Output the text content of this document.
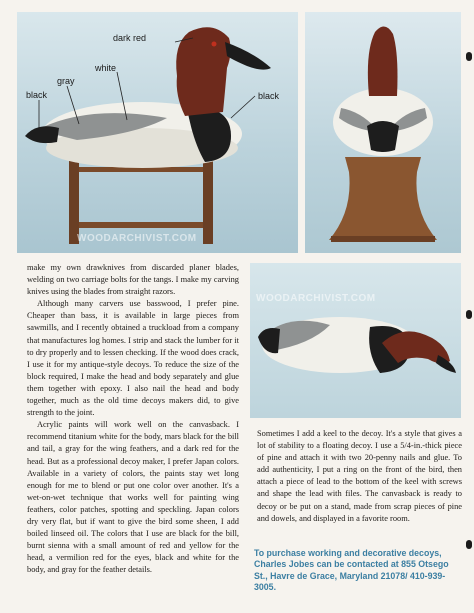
dark red
white
gray
black	black
WOODARCHIVIST.COM
WOODARCHIVIST.COM

make my own drawknives from discarded planer blades, welding on two carriage bolts for the tangs. I make my carving knives using the blades from straight razors.

Although many carvers use basswood, I prefer pine. Cheaper than bass, it is available in large pieces from sawmills, and I recently obtained a truckload from a company that manufactures log homes. I strip and stack the lumber for it to dry properly and to lessen checking. If the wood does crack, I use it for my antique-style decoys. To reduce the size of the block required, I make the head and body separately and glue them together with epoxy. I also nail the head and body together, much as the old time decoys makers did, to give strength to the joint.

Acrylic paints will work well on the canvasback. I recommend titanium white for the body, mars black for the bill and tail, a gray for the wing feathers, and a dark red for the head. But as a professional decoy maker, I prefer Japan colors. Available in a variety of colors, the paints stay wet long enough for me to blend or put one color over another. It's a wet-on-wet technique that works well for painting wing feathers, color patches, spotting and speckling. Japan colors dry very flat, but if want to give the bird some sheen, I add boiled linseed oil. The colors that I use are black for the bill, burnt sienna with a small amount of red and yellow for the head, a vermilion red for the eyes, black and white for the body, and gray for the feather details.

Sometimes I add a keel to the decoy. It's a style that gives a lot of stability to a floating decoy. I use a 5/4-in.-thick piece of pine and attach it with two 20-penny nails and glue. To add authenticity, I put a ring on the front of the bird, then attach a piece of lead to the bottom of the keel with screws and shape the lead with files. The canvasback is ready to decoy or be put on a stand, made from scrap pieces of pine and dowels, and displayed in a favorite room.

To purchase working and decorative decoys, Charles Jobes can be contacted at 855 Otsego St., Havre de Grace, Maryland 21078/ 410-939-3005.
